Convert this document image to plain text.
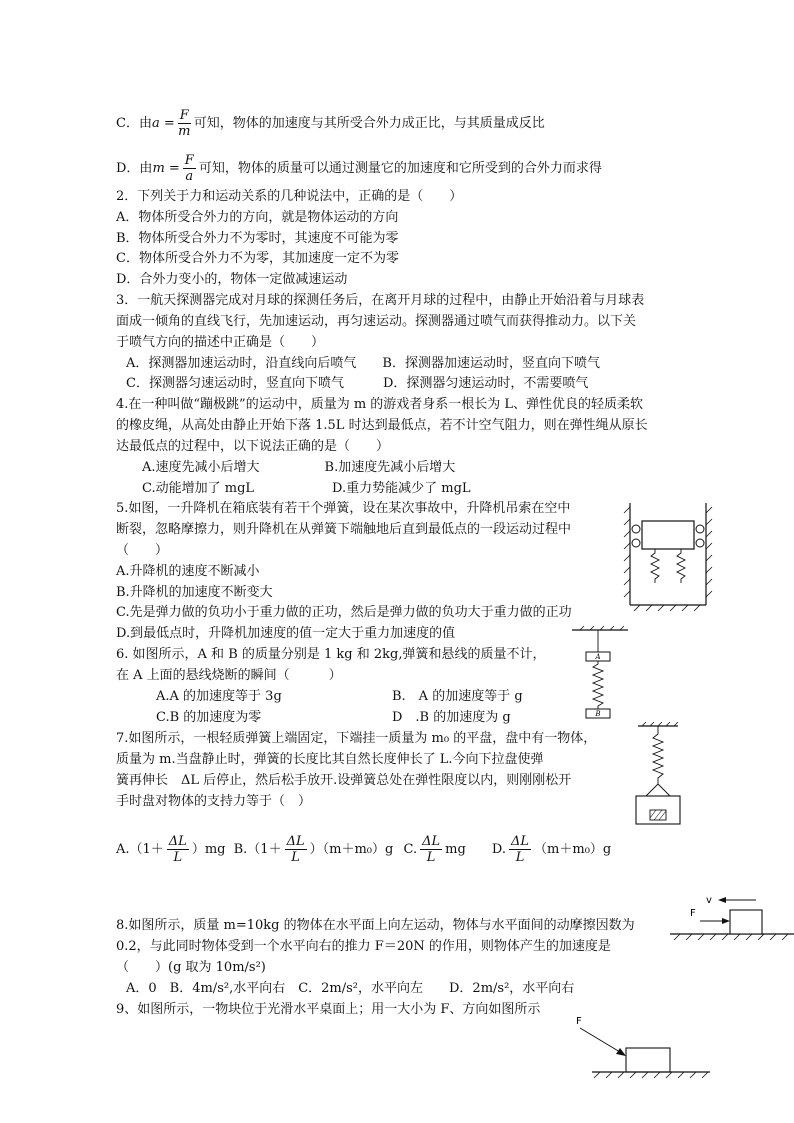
C．由$a = \frac{F}{m}$ 可知，物体的加速度与其所受合外力成正比，与其质量成反比
D．由$m = \frac{F}{a}$ 可知，物体的质量可以通过测量它的加速度和它所受到的合外力而求得
2．下列关于力和运动关系的几种说法中，正确的是（　　）
A．物体所受合外力的方向，就是物体运动的方向
B．物体所受合外力不为零时，其速度不可能为零
C．物体所受合外力不为零，其加速度一定不为零
D．合外力变小的，物体一定做减速运动
3．一航天探测器完成对月球的探测任务后，在离开月球的过程中，由静止开始沿着与月球表
面成一倾角的直线飞行，先加速运动，再匀速运动。探测器通过喷气而获得推动力。以下关
于喷气方向的描述中正确是（　　）
A．探测器加速运动时，沿直线向后喷气　　B．探测器加速运动时，竖直向下喷气
C．探测器匀速运动时，竖直向下喷气　　　D．探测器匀速运动时，不需要喷气
4.在一种叫做“蹦极跳”的运动中，质量为 m 的游戏者身系一根长为 L、弹性优良的轻质柔软
的橡皮绳，从高处由静止开始下落 1.5L 时达到最低点，若不计空气阻力，则在弹性绳从原长
达最低点的过程中，以下说法正确的是（　　）
A.速度先减小后增大　　　　　B.加速度先减小后增大
C.动能增加了 mgL　　　　　　D.重力势能减少了 mgL
5.如图，一升降机在箱底装有若干个弹簧，设在某次事故中，升降机吊索在空中
断裂，忽略摩擦力，则升降机在从弹簧下端触地后直到最低点的一段运动过程中
（　　）
A.升降机的速度不断减小
B.升降机的加速度不断变大
C.先是弹力做的负功小于重力做的正功，然后是弹力做的负功大于重力做的正功
D.到最低点时，升降机加速度的值一定大于重力加速度的值
6. 如图所示，A 和 B 的质量分别是 1 kg 和 2kg,弹簧和悬线的质量不计，
在 A 上面的悬线烧断的瞬间（　　　）
A.A 的加速度等于 3g	B.　A 的加速度等于 g
C.B 的加速度为零	D　.B 的加速度为 g
A
B
7.如图所示，一根轻质弹簧上端固定，下端挂一质量为 m₀ 的平盘，盘中有一物体，
质量为 m.当盘静止时，弹簧的长度比其自然长度伸长了 L.今向下拉盘使弹
簧再伸长　ΔL 后停止，然后松手放开.设弹簧总处在弹性限度以内，则刚刚松开
手时盘对物体的支持力等于（　）
$A.(1+ \frac{\Delta L}{L} )mg$ $B.(1+ \frac{\Delta L}{L} )(m+m_0)g$ C. $\frac{\Delta L}{L}$ mg D. $\frac{\Delta L}{L} (m+m_0)g$
8.如图所示，质量 m=10kg 的物体在水平面上向左运动，物体与水平面间的动摩擦因数为
0.2，与此同时物体受到一个水平向右的推力 F＝20N 的作用，则物体产生的加速度是
（　　）(g 取为 10m/s²)
A．0　B．4m/s²,水平向右　C．2m/s²，水平向左　　D．2m/s²，水平向右
v
F
9、如图所示，一物块位于光滑水平桌面上；用一大小为 F、方向如图所示
F
